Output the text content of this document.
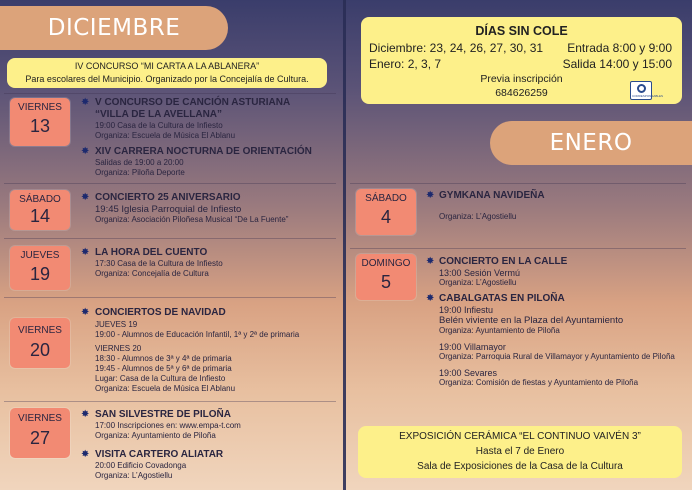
DICIEMBRE
IV CONCURSO “MI CARTA A LA ABLANERA”
Para escolares del Municipio. Organizado por la Concejalía de Cultura.
VIERNES
13
✸ V CONCURSO DE CANCIÓN ASTURIANA
“VILLA DE LA AVELLANA”
19:00 Casa de la Cultura de Infiesto
Organiza: Escuela de Música El Ablanu
✸ XIV CARRERA NOCTURNA DE ORIENTACIÓN
Salidas de 19:00 a 20:00
Organiza: Piloña Deporte
SÁBADO
14
✸ CONCIERTO 25 ANIVERSARIO
19:45 Iglesia Parroquial de Infiesto
Organiza: Asociación Piloñesa Musical “De La Fuente”
JUEVES
19
✸ LA HORA DEL CUENTO
17:30 Casa de la Cultura de Infiesto
Organiza: Concejalía de Cultura
VIERNES
20
✸ CONCIERTOS DE NAVIDAD
JUEVES 19
19:00 - Alumnos de Educación Infantil, 1ª y 2ª de primaria
VIERNES 20
18:30 - Alumnos de 3ª y 4ª de primaria
19:45 - Alumnos de 5ª y 6ª de primaria
Lugar: Casa de la Cultura de Infiesto
Organiza: Escuela de Música El Ablanu
VIERNES
27
✸ SAN SILVESTRE DE PILOÑA
17:00 Inscripciones en: www.empa-t.com
Organiza: Ayuntamiento de Piloña
✸ VISITA CARTERO ALIATAR
20:00 Edificio Covadonga
Organiza: L’Agostiellu
DÍAS SIN COLE
Diciembre: 23, 24, 26, 27, 30, 31
Enero: 2, 3, 7
Entrada 8:00 y 9:00
Salida 14:00 y 15:00
Previa inscripción
684626259	CORRESPONSABLES
ENERO
SÁBADO
4
✸ GYMKANA NAVIDEÑA
Organiza: L’Agostiellu
DOMINGO
5
✸ CONCIERTO EN LA CALLE
13:00 Sesión Vermú
Organiza: L’Agostiellu
✸ CABALGATAS EN PILOÑA
19:00 Infiestu
Belén viviente en la Plaza del Ayuntamiento
Organiza: Ayuntamiento de Piloña
19:00 Villamayor
Organiza: Parroquia Rural de Villamayor y Ayuntamiento de Piloña
19:00 Sevares
Organiza: Comisión de fiestas y Ayuntamiento de Piloña
EXPOSICIÓN CERÁMICA “EL CONTINUO VAIVÉN 3”
Hasta el 7 de Enero
Sala de Exposiciones de la Casa de la Cultura
